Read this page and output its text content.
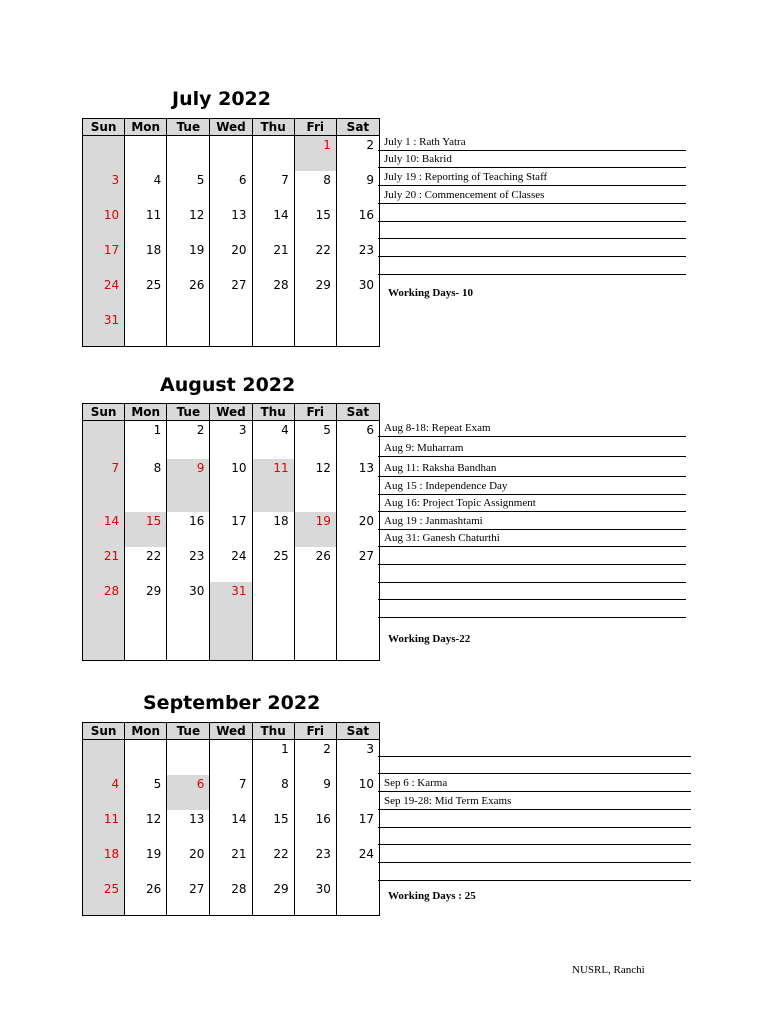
July 2022
Sun	Mon	Tue	Wed	Thu	Fri	Sat
					1	2
3	4	5	6	7	8	9
10	11	12	13	14	15	16
17	18	19	20	21	22	23
24	25	26	27	28	29	30
31						
July 1 : Rath Yatra
July 10: Bakrid
July 19 : Reporting of Teaching Staff
July 20 : Commencement of Classes
Working Days- 10
August 2022
Sun	Mon	Tue	Wed	Thu	Fri	Sat
	1	2	3	4	5	6
7	8	9	10	11	12	13
14	15	16	17	18	19	20
21	22	23	24	25	26	27
28	29	30	31			
Aug 8-18: Repeat Exam
Aug 9: Muharram
Aug 11: Raksha Bandhan
Aug 15 : Independence Day
Aug 16: Project Topic Assignment
Aug 19 : Janmashtami
Aug 31: Ganesh Chaturthi
Working Days-22
September 2022
Sun	Mon	Tue	Wed	Thu	Fri	Sat
				1	2	3
4	5	6	7	8	9	10
11	12	13	14	15	16	17
18	19	20	21	22	23	24
25	26	27	28	29	30	
Sep 6 : Karma
Sep 19-28: Mid Term Exams
Working Days : 25
NUSRL, Ranchi
